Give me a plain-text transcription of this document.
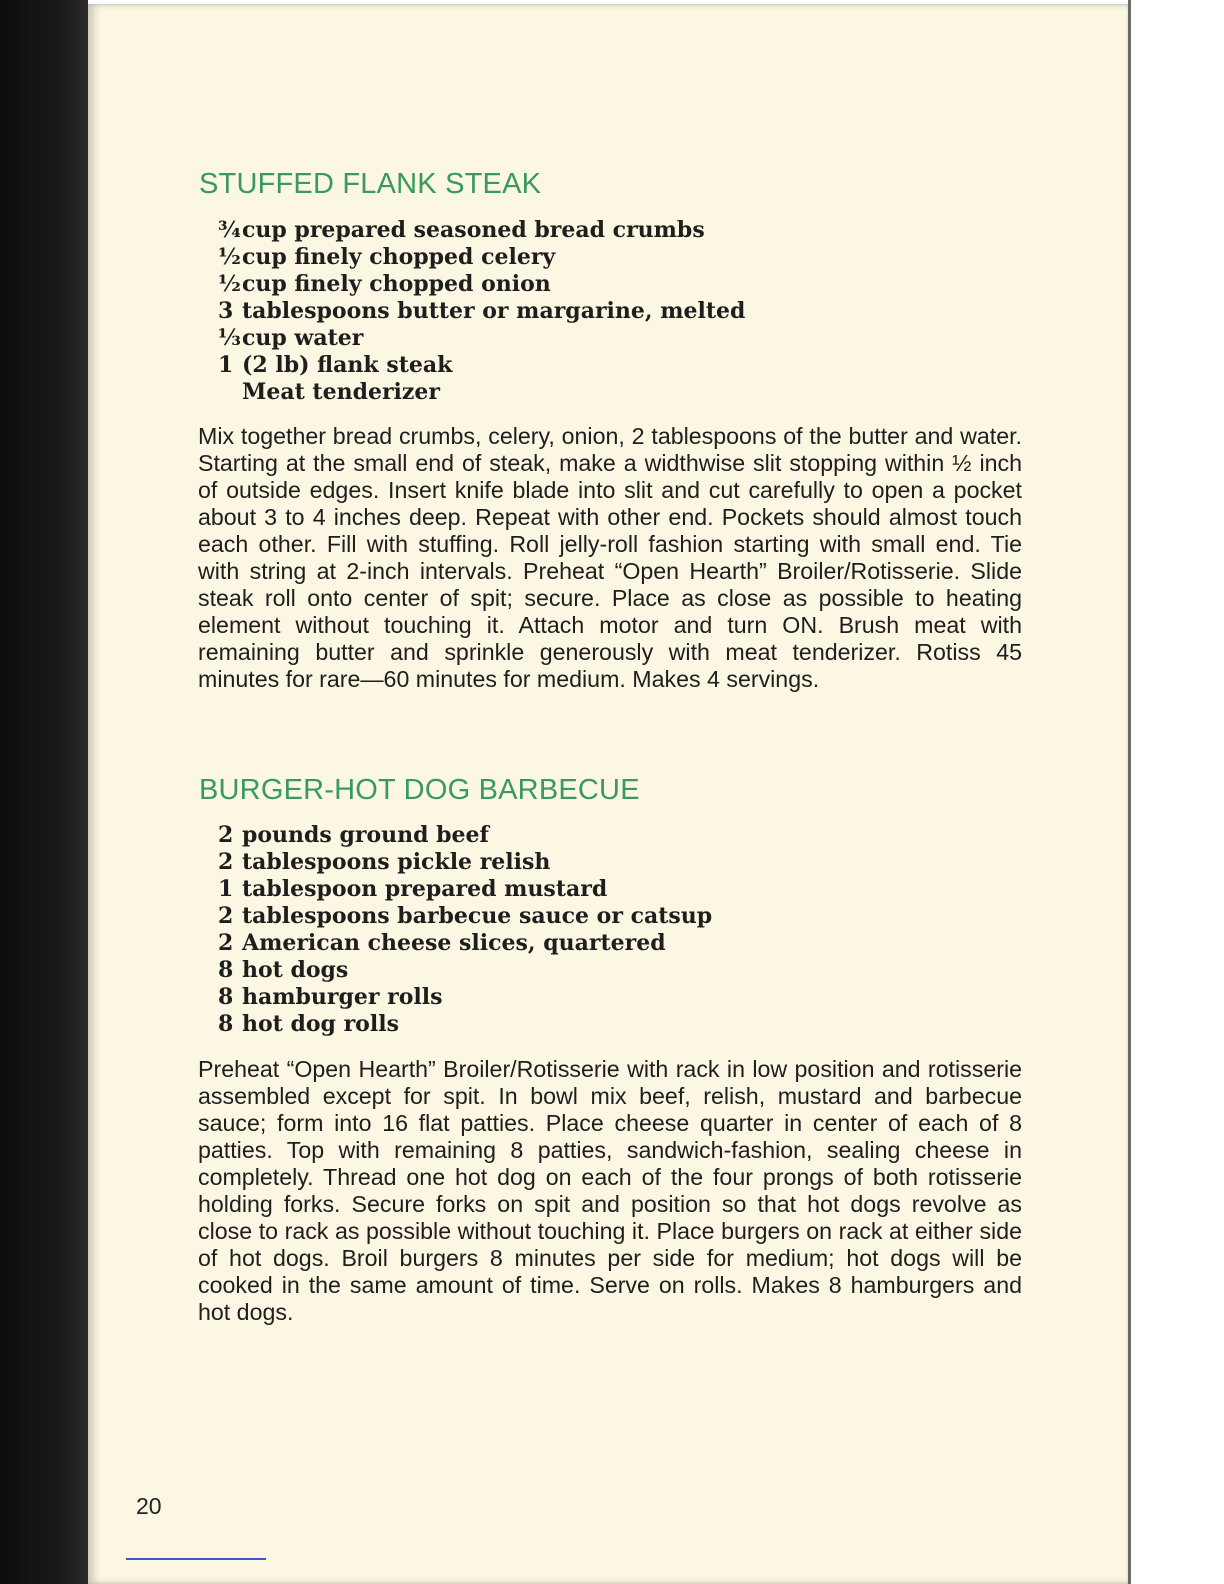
STUFFED FLANK STEAK
¾cup prepared seasoned bread crumbs
½cup finely chopped celery
½cup finely chopped onion
3 tablespoons butter or margarine, melted
⅓cup water
1 (2 lb) flank steak
Meat tenderizer

Mix together bread crumbs, celery, onion, 2 tablespoons of the butter and water. Starting at the small end of steak, make a widthwise slit stopping within ½ inch of outside edges. Insert knife blade into slit and cut carefully to open a pocket about 3 to 4 inches deep. Repeat with other end. Pockets should almost touch each other. Fill with stuffing. Roll jelly-roll fashion starting with small end. Tie with string at 2-inch intervals. Preheat “Open Hearth” Broiler/Rotisserie. Slide steak roll onto center of spit; secure. Place as close as possible to heating element without touching it. Attach motor and turn ON. Brush meat with remaining butter and sprinkle generously with meat tenderizer. Rotiss 45 minutes for rare—60 minutes for medium. Makes 4 servings.

BURGER-HOT DOG BARBECUE
2 pounds ground beef
2 tablespoons pickle relish
1 tablespoon prepared mustard
2 tablespoons barbecue sauce or catsup
2 American cheese slices, quartered
8 hot dogs
8 hamburger rolls
8 hot dog rolls

Preheat “Open Hearth” Broiler/Rotisserie with rack in low position and rotisserie assembled except for spit. In bowl mix beef, relish, mustard and barbecue sauce; form into 16 flat patties. Place cheese quarter in center of each of 8 patties. Top with remaining 8 patties, sandwich-fashion, sealing cheese in completely. Thread one hot dog on each of the four prongs of both rotisserie holding forks. Secure forks on spit and position so that hot dogs revolve as close to rack as possible without touching it. Place burgers on rack at either side of hot dogs. Broil burgers 8 minutes per side for medium; hot dogs will be cooked in the same amount of time. Serve on rolls. Makes 8 hamburgers and hot dogs.

20
